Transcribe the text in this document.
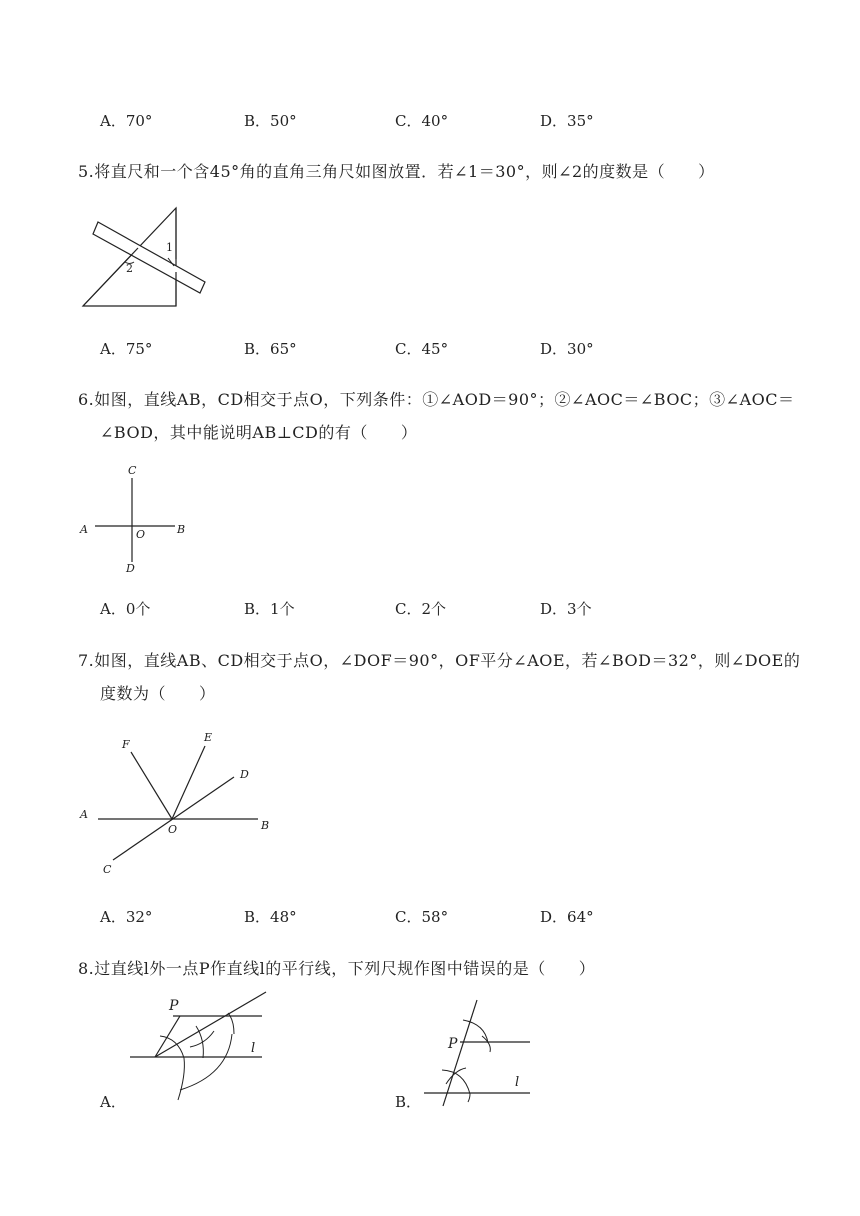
A．70°	B．50°	C．40°	D．35°
5.将直尺和一个含45°角的直角三角尺如图放置．若∠1＝30°，则∠2的度数是（　　）
1
2
A．75°	B．65°	C．45°	D．30°
6.如图，直线AB，CD相交于点O，下列条件：①∠AOD＝90°；②∠AOC＝∠BOC；③∠AOC＝
∠BOD，其中能说明AB⊥CD的有（　　）
C
A	O	B
D
A．0个	B．1个	C．2个	D．3个
7.如图，直线AB、CD相交于点O，∠DOF＝90°，OF平分∠AOE，若∠BOD＝32°，则∠DOE的
度数为（　　）
F
E
D
A
O	B
C
A．32°	B．48°	C．58°	D．64°
8.过直线l外一点P作直线l的平行线，下列尺规作图中错误的是（　　）
P
l
A．
P
l
B．
